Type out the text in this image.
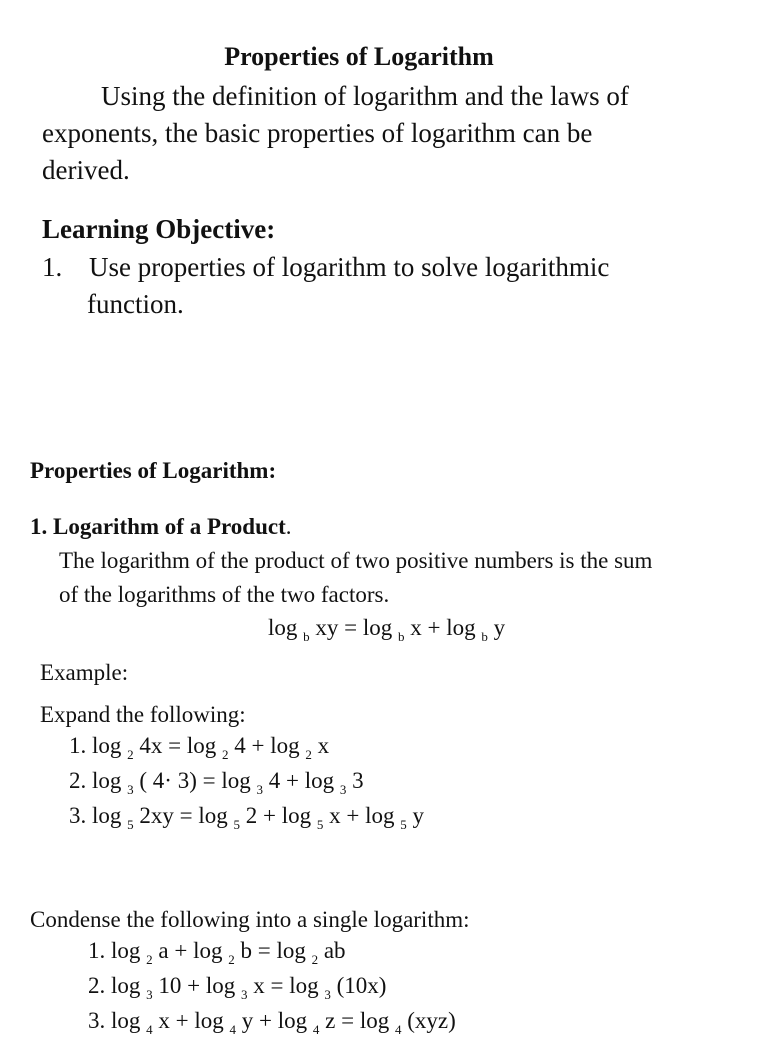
Properties of Logarithm
Using the definition of logarithm and the laws of
exponents, the basic properties of logarithm can be
derived.
Learning Objective:
1. Use properties of logarithm to solve logarithmic
function.
Properties of Logarithm:
1. Logarithm of a Product.
The logarithm of the product of two positive numbers is the sum
of the logarithms of the two factors.
log $_b$ xy = log $_b$ x + log $_b$ y
Example:
Expand the following:
1. log $_2$ 4x = log $_2$ 4 + log $_2$ x
2. log $_3$ ( 4· 3) = log $_3$ 4 + log $_3$ 3
3. log $_5$ 2xy = log $_5$ 2 + log $_5$ x + log $_5$ y
Condense the following into a single logarithm:
1. log $_2$ a + log $_2$ b = log $_2$ ab
2. log $_3$ 10 + log $_3$ x = log $_3$ (10x)
3. log $_4$ x + log $_4$ y + log $_4$ z = log $_4$ (xyz)
